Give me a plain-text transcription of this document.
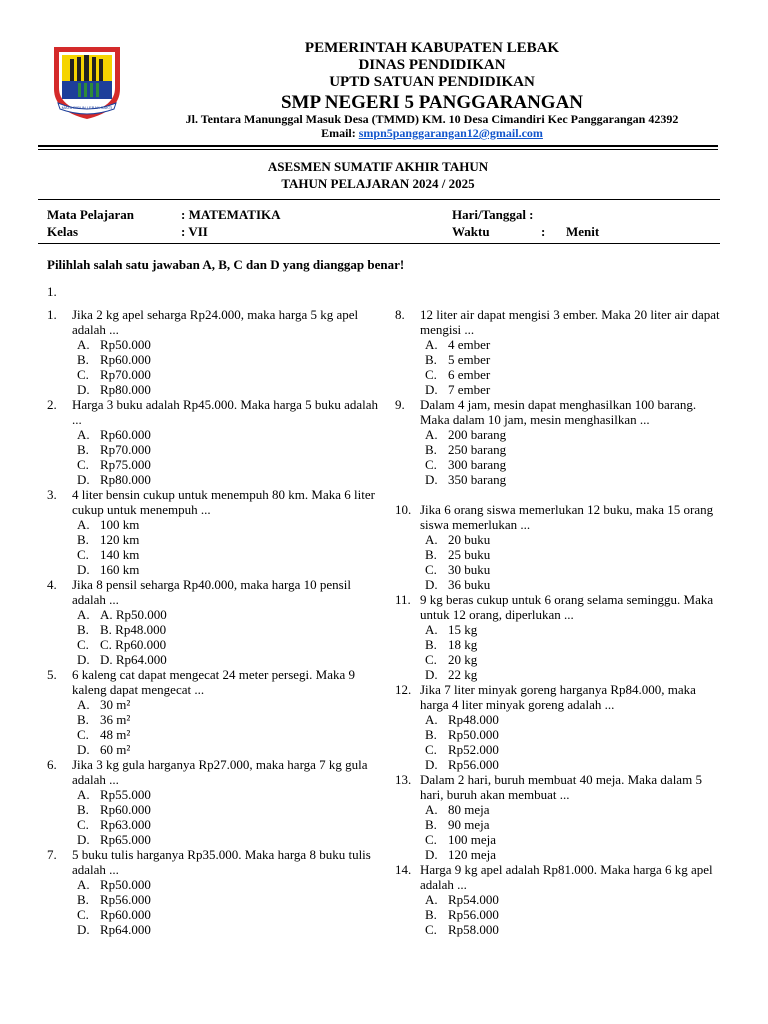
MAYA DIBUN LEBAK SAKTI
PEMERINTAH KABUPATEN LEBAK
DINAS PENDIDIKAN
UPTD SATUAN PENDIDIKAN
SMP NEGERI 5 PANGGARANGAN
Jl. Tentara Manunggal Masuk Desa (TMMD) KM. 10 Desa Cimandiri Kec Panggarangan 42392
Email: smpn5panggarangan12@gmail.com
ASESMEN SUMATIF AKHIR TAHUN
TAHUN PELAJARAN 2024 / 2025
Mata Pelajaran	: MATEMATIKA	Hari/Tanggal :
Kelas	: VII	Waktu	: Menit
Pilihlah salah satu jawaban A, B, C dan D yang dianggap benar!
1.
1.	Jika 2 kg apel seharga Rp24.000, maka harga 5 kg apel adalah ...
A. Rp50.000
B. Rp60.000
C. Rp70.000
D. Rp80.000
2.	Harga 3 buku adalah Rp45.000. Maka harga 5 buku adalah ...
A. Rp60.000
B. Rp70.000
C. Rp75.000
D. Rp80.000
3.	4 liter bensin cukup untuk menempuh 80 km. Maka 6 liter cukup untuk menempuh ...
A. 100 km
B. 120 km
C. 140 km
D. 160 km
4.	Jika 8 pensil seharga Rp40.000, maka harga 10 pensil adalah ...
A. A. Rp50.000
B. B. Rp48.000
C. C. Rp60.000
D. D. Rp64.000
5.	6 kaleng cat dapat mengecat 24 meter persegi. Maka 9 kaleng dapat mengecat ...
A. 30 m²
B. 36 m²
C. 48 m²
D. 60 m²
6.	Jika 3 kg gula harganya Rp27.000, maka harga 7 kg gula adalah ...
A. Rp55.000
B. Rp60.000
C. Rp63.000
D. Rp65.000
7.	5 buku tulis harganya Rp35.000. Maka harga 8 buku tulis adalah ...
A. Rp50.000
B. Rp56.000
C. Rp60.000
D. Rp64.000
8.	12 liter air dapat mengisi 3 ember. Maka 20 liter air dapat mengisi ...
A. 4 ember
B. 5 ember
C. 6 ember
D. 7 ember
9.	Dalam 4 jam, mesin dapat menghasilkan 100 barang. Maka dalam 10 jam, mesin menghasilkan ...
A. 200 barang
B. 250 barang
C. 300 barang
D. 350 barang
10. Jika 6 orang siswa memerlukan 12 buku, maka 15 orang siswa memerlukan ...
A. 20 buku
B. 25 buku
C. 30 buku
D. 36 buku
11. 9 kg beras cukup untuk 6 orang selama seminggu. Maka untuk 12 orang, diperlukan ...
A. 15 kg
B. 18 kg
C. 20 kg
D. 22 kg
12. Jika 7 liter minyak goreng harganya Rp84.000, maka harga 4 liter minyak goreng adalah ...
A. Rp48.000
B. Rp50.000
C. Rp52.000
D. Rp56.000
13. Dalam 2 hari, buruh membuat 40 meja. Maka dalam 5 hari, buruh akan membuat ...
A. 80 meja
B. 90 meja
C. 100 meja
D. 120 meja
14. Harga 9 kg apel adalah Rp81.000. Maka harga 6 kg apel adalah ...
A. Rp54.000
B. Rp56.000
C. Rp58.000
